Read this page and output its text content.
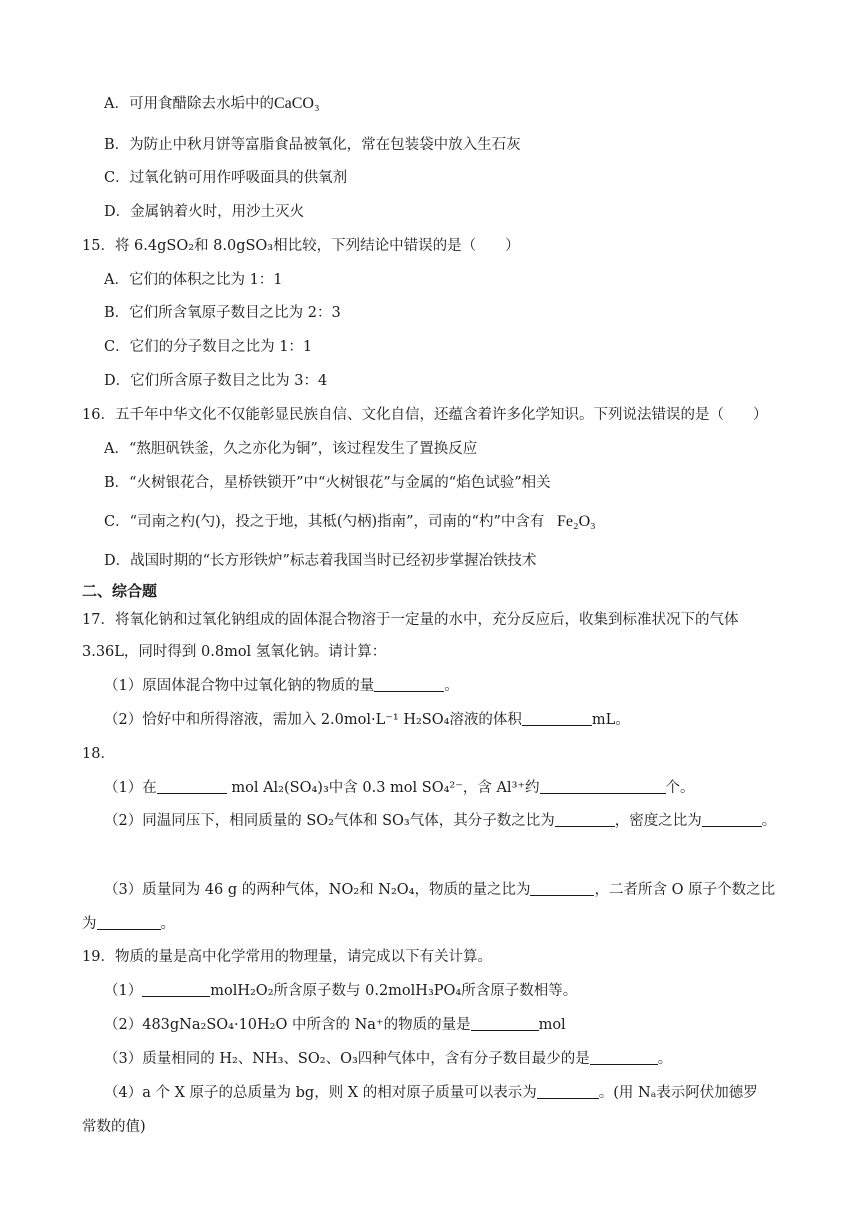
A．可用食醋除去水垢中的CaCO₃
B．为防止中秋月饼等富脂食品被氧化，常在包装袋中放入生石灰
C．过氧化钠可用作呼吸面具的供氧剂
D．金属钠着火时，用沙土灭火
15．将 6.4gSO₂和 8.0gSO₃相比较，下列结论中错误的是（　　）
A．它们的体积之比为 1：1
B．它们所含氧原子数目之比为 2：3
C．它们的分子数目之比为 1：1
D．它们所含原子数目之比为 3：4
16．五千年中华文化不仅能彰显民族自信、文化自信，还蕴含着许多化学知识。下列说法错误的是（　　）
A．“熬胆矾铁釜，久之亦化为铜”，该过程发生了置换反应
B．“火树银花合，星桥铁锁开”中“火树银花”与金属的“焰色试验”相关
C．“司南之杓(勺)，投之于地，其柢(勺柄)指南”，司南的“杓”中含有 Fe₂O₃
D．战国时期的“长方形铁炉”标志着我国当时已经初步掌握冶铁技术
二、综合题
17．将氧化钠和过氧化钠组成的固体混合物溶于一定量的水中，充分反应后，收集到标准状况下的气体
3.36L，同时得到 0.8mol 氢氧化钠。请计算：
（1）原固体混合物中过氧化钠的物质的量	。
（2）恰好中和所得溶液，需加入 2.0mol·L⁻¹ H₂SO₄溶液的体积	mL。
18．
（1）在	mol Al₂(SO₄)₃中含 0.3 mol SO₄²⁻，含 Al³⁺约	个。
（2）同温同压下，相同质量的 SO₂气体和 SO₃气体，其分子数之比为	，密度之比为	。
（3）质量同为 46 g 的两种气体，NO₂和 N₂O₄，物质的量之比为	，二者所含 O 原子个数之比
为	。
19．物质的量是高中化学常用的物理量，请完成以下有关计算。
（1）	molH₂O₂所含原子数与 0.2molH₃PO₄所含原子数相等。
（2）483gNa₂SO₄·10H₂O 中所含的 Na⁺的物质的量是	mol
（3）质量相同的 H₂、NH₃、SO₂、O₃四种气体中，含有分子数目最少的是	。
（4）a 个 X 原子的总质量为 bg，则 X 的相对原子质量可以表示为	。(用 Nₐ表示阿伏加德罗
常数的值)
